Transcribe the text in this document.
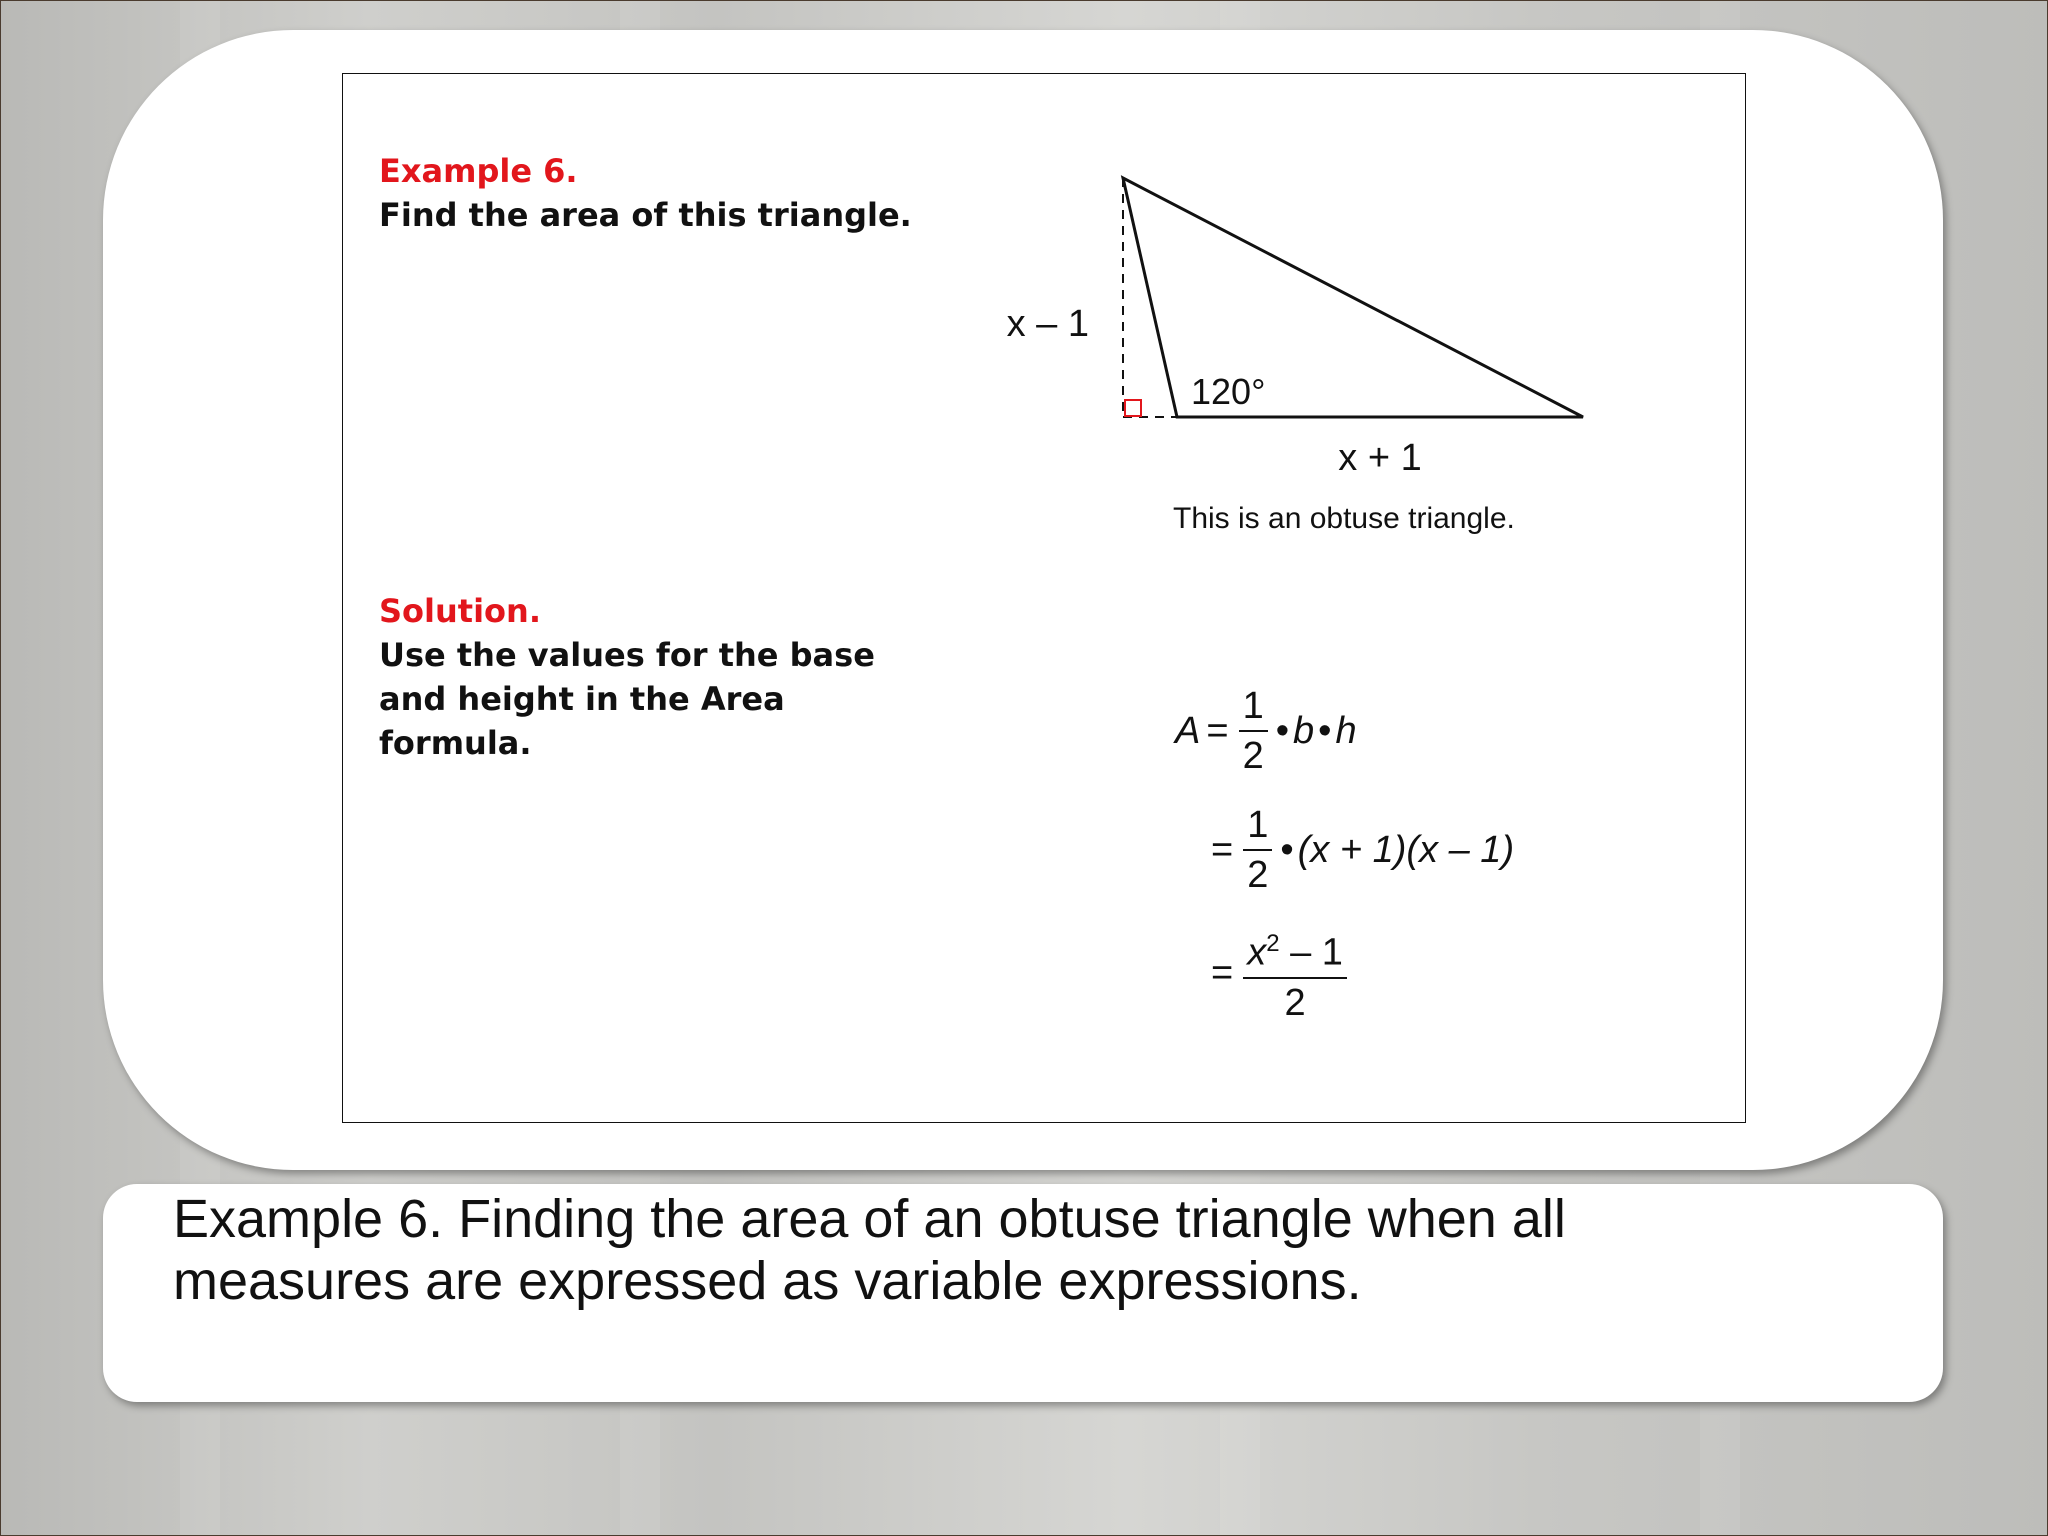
Example 6.
Find the area of this triangle.
Solution.
Use the values for the base
and height in the Area
formula.
x – 1
120°
x + 1
This is an obtuse triangle.
$A = \frac{1}{2}$ • b • h
= $\frac{1}{2}$ • (x + 1)(x – 1)
= $\frac{x^2 - 1}{2}$
Example 6. Finding the area of an obtuse triangle when all
measures are expressed as variable expressions.
